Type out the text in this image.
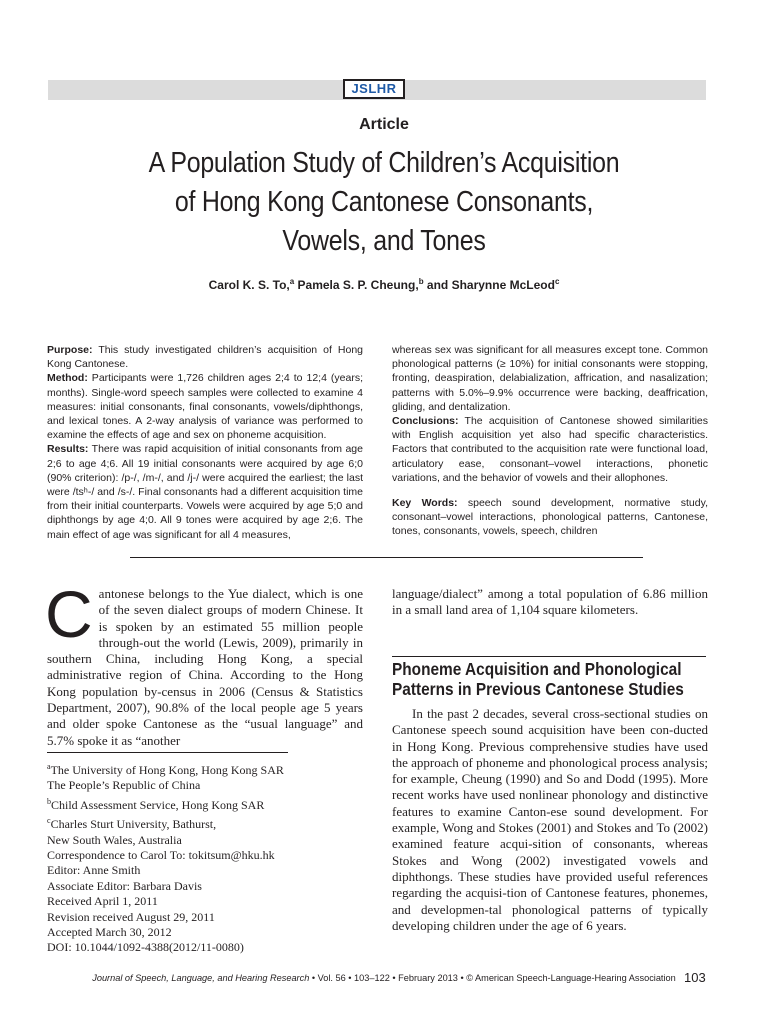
JSLHR
Article
A Population Study of Children’s Acquisition
of Hong Kong Cantonese Consonants,
Vowels, and Tones
Carol K. S. To,$^a$ Pamela S. P. Cheung,$^b$ and Sharynne McLeod$^c$

Purpose: This study investigated children’s acquisition of Hong Kong Cantonese.

Method: Participants were 1,726 children ages 2;4 to 12;4 (years; months). Single-word speech samples were collected to examine 4 measures: initial consonants, final consonants, vowels/diphthongs, and lexical tones. A 2-way analysis of variance was performed to examine the effects of age and sex on phoneme acquisition.

Results: There was rapid acquisition of initial consonants from age 2;6 to age 4;6. All 19 initial consonants were acquired by age 6;0 (90% criterion): /p-/, /m-/, and /j-/ were acquired the earliest; the last were /tsʰ-/ and /s-/. Final consonants had a different acquisition time from their initial counterparts. Vowels were acquired by age 5;0 and diphthongs by age 4;0. All 9 tones were acquired by age 2;6. The main effect of age was significant for all 4 measures,

whereas sex was significant for all measures except tone. Common phonological patterns (≥ 10%) for initial consonants were stopping, fronting, deaspiration, delabialization, affrication, and nasalization; patterns with 5.0%–9.9% occurrence were backing, deaffrication, gliding, and dentalization.

Conclusions: The acquisition of Cantonese showed similarities with English acquisition yet also had specific characteristics. Factors that contributed to the acquisition rate were functional load, articulatory ease, consonant–vowel interactions, phonetic variations, and the behavior of vowels and their allophones.

Key Words: speech sound development, normative study, consonant–vowel interactions, phonological patterns, Cantonese, tones, consonants, vowels, speech, children

Cantonese belongs to the Yue dialect, which is one of the seven dialect groups of modern Chinese. It is spoken by an estimated 55 million people through-out the world (Lewis, 2009), primarily in southern China, including Hong Kong, a special administrative region of China. According to the Hong Kong population by-census in 2006 (Census & Statistics Department, 2007), 90.8% of the local people age 5 years and older spoke Cantonese as the “usual language” and 5.7% spoke it as “another
language/dialect” among a total population of 6.86 million in a small land area of 1,104 square kilometers.
Phoneme Acquisition and Phonological
Patterns in Previous Cantonese Studies
In the past 2 decades, several cross-sectional studies on Cantonese speech sound acquisition have been con-ducted in Hong Kong. Previous comprehensive studies have used the approach of phoneme and phonological process analysis; for example, Cheung (1990) and So and Dodd (1995). More recent works have used nonlinear phonology and distinctive features to examine Canton-ese sound development. For example, Wong and Stokes (2001) and Stokes and To (2002) examined feature acqui-sition of consonants, whereas Stokes and Wong (2002) investigated vowels and diphthongs. These studies have provided useful references regarding the acquisi-tion of Cantonese features, phonemes, and developmen-tal phonological patterns of typically developing children under the age of 6 years.
$^a$The University of Hong Kong, Hong Kong SAR
The People’s Republic of China
$^b$Child Assessment Service, Hong Kong SAR
$^c$Charles Sturt University, Bathurst,
New South Wales, Australia
Correspondence to Carol To: tokitsum@hku.hk
Editor: Anne Smith
Associate Editor: Barbara Davis
Received April 1, 2011
Revision received August 29, 2011
Accepted March 30, 2012
DOI: 10.1044/1092-4388(2012/11-0080)
Journal of Speech, Language, and Hearing Research • Vol. 56 • 103–122 • February 2013 • © American Speech-Language-Hearing Association 103
